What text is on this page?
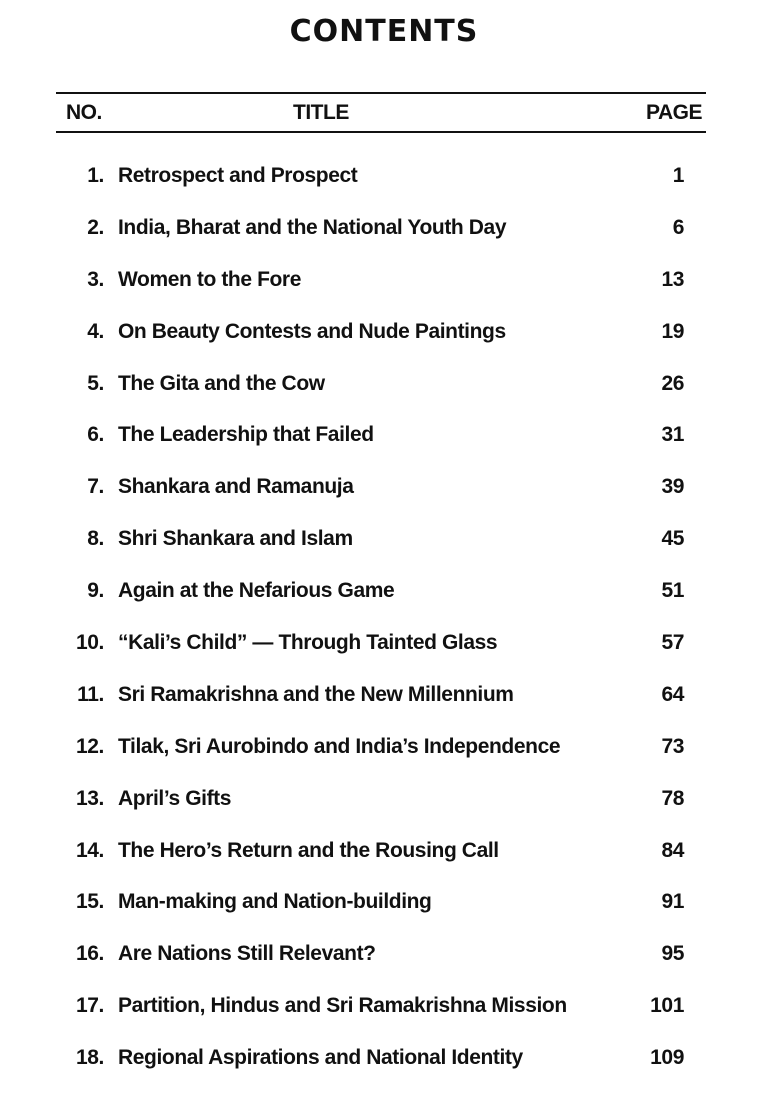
CONTENTS
NO.	TITLE	PAGE
1. Retrospect and Prospect	1
2. India, Bharat and the National Youth Day	6
3. Women to the Fore	13
4. On Beauty Contests and Nude Paintings	19
5. The Gita and the Cow	26
6. The Leadership that Failed	31
7. Shankara and Ramanuja	39
8. Shri Shankara and Islam	45
9. Again at the Nefarious Game	51
10. “Kali’s Child” — Through Tainted Glass	57
11. Sri Ramakrishna and the New Millennium	64
12. Tilak, Sri Aurobindo and India’s Independence	73
13. April’s Gifts	78
14. The Hero’s Return and the Rousing Call	84
15. Man-making and Nation-building	91
16. Are Nations Still Relevant?	95
17. Partition, Hindus and Sri Ramakrishna Mission	101
18. Regional Aspirations and National Identity	109
